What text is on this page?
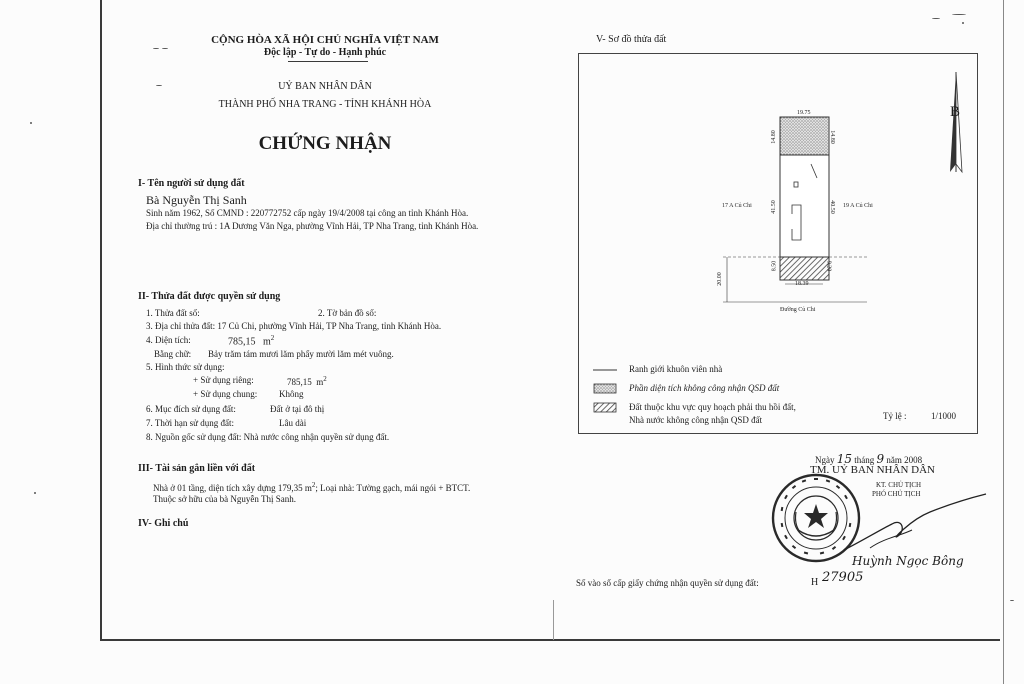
CỘNG HÒA XÃ HỘI CHỦ NGHĨA VIỆT NAM
Độc lập - Tự do - Hạnh phúc
UỶ BAN NHÂN DÂN
THÀNH PHỐ NHA TRANG - TỈNH KHÁNH HÒA
CHỨNG NHẬN
I- Tên người sử dụng đất
Bà Nguyễn Thị Sanh
Sinh năm 1962, Số CMND : 220772752 cấp ngày 19/4/2008 tại công an tỉnh Khánh Hòa.
Địa chỉ thường trú : 1A Dương Văn Nga, phường Vĩnh Hải, TP Nha Trang, tỉnh Khánh Hòa.
II- Thửa đất được quyền sử dụng
1. Thửa đất số:	2. Tờ bản đồ số:
3. Địa chỉ thửa đất: 17 Củ Chi, phường Vĩnh Hải, TP Nha Trang, tỉnh Khánh Hòa.
4. Diện tích:	785,15 $m^2$
Bằng chữ: Bảy trăm tám mươi lăm phẩy mười lăm mét vuông.
5. Hình thức sử dụng:
+ Sử dụng riêng:	785,15  $m^2$
+ Sử dụng chung: Không
6. Mục đích sử dụng đất:	Đất ở tại đô thị
7. Thời hạn sử dụng đất:	Lâu dài
8. Nguồn gốc sử dụng đất: Nhà nước công nhận quyền sử dụng đất.
III- Tài sản gắn liền với đất
Nhà ở 01 tầng, diện tích xây dựng 179,35 $m^2$; Loại nhà: Tường gạch, mái ngói + BTCT.
Thuộc sở hữu của bà Nguyễn Thị Sanh.
IV- Ghi chú
V- Sơ đồ thửa đất
B
19.75
14.80	14.80
41.50	40.50
8.50	9.20
18.39
20.00
17 A Củ Chi	19 A Củ Chi
Đường Củ Chi
Ranh giới khuôn viên nhà
Phần diện tích không công nhận QSD đất
Đất thuộc khu vực quy hoạch phải thu hồi đất,
Nhà nước không công nhận QSD đất	Tỷ lệ :	1/1000
Ngày 15 tháng 9 năm 2008
TM. UỶ BAN NHÂN DÂN
KT. CHỦ TỊCH
PHÓ CHỦ TỊCH
Huỳnh Ngọc Bông
Số vào sổ cấp giấy chứng nhận quyền sử dụng đất:	H 27905
